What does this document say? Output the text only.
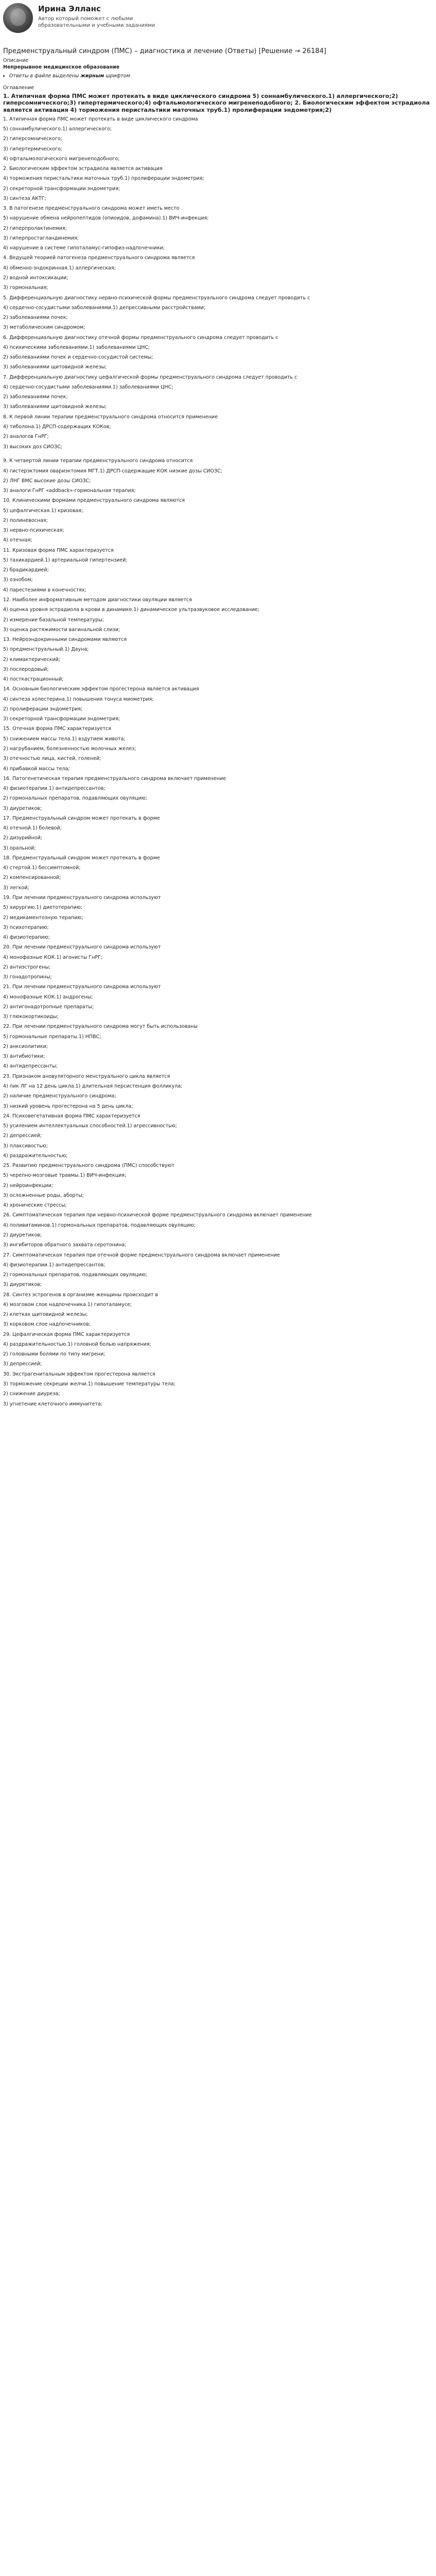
Ирина Элланс
Автор который поможет с любыми образовательными и учебными заданиями
Предменструальный синдром (ПМС) – диагностика и лечение (Ответы) [Решение → 26184]
Описание
Непрерывное медицинское образование
• Ответы в файле выделены жирным шрифтом
Оглавление
1. Атипичная форма ПМС может протекать в виде циклического синдрома 5) соннамбулического.1) аллергического;2) гиперсомнического;3) гипертермического;4) офтальмологического мигренеподобного; 2. Биологическим эффектом эстрадиола является активация 4) торможения перистальтики маточных труб.1) пролиферации эндометрия;2)
1. Атипичная форма ПМС может протекать в виде циклического синдрома
5) соннамбулического.1) аллергического;
2) гиперсомнического;
3) гипертермического;
4) офтальмологического мигренеподобного;
2. Биологическим эффектом эстрадиола является активация
4) торможения перистальтики маточных труб.1) пролиферации эндометрия;
2) секреторной трансформации эндометрия;
3) синтеза АКТГ;
3. В патогенезе предменструального синдрома может иметь место
5) нарушение обмена нейропептидов (опиоидов, дофамина).1) ВИЧ-инфекция;
2) гиперпролактинемия;
3) гиперпростагландинемия;
4) нарушение в системе гипоталамус-гипофиз-надпочечники;
4. Ведущей теорией патогенеза предменструального синдрома является
4) обменно-эндокринная.1) аллергическая;
2) водной интоксикации;
3) гормональная;
5. Дифференциальную диагностику нервно-психической формы предменструального синдрома следует проводить с
4) сердечно-сосудистыми заболеваниями.1) депрессивными расстройствами;
2) заболеваниями почек;
3) метаболическим синдромом;
6. Дифференциальную диагностику отечной формы предменструального синдрома следует проводить с
4) психическими заболеваниями.1) заболеваниями ЦНС;
2) заболеваниями почек и сердечно-сосудистой системы;
3) заболеваниями щитовидной железы;
7. Дифференциальную диагностику цефалгической формы предменструального синдрома следует проводить с
4) сердечно-сосудистыми заболеваниями.1) заболеваниями ЦНС;
2) заболеваниями почек;
3) заболеваниями щитовидной железы;
8. К первой линии терапии предменструального синдрома относится применение
4) тиболона.1) ДРСП-содержащих КОКов;
2) аналогов ГнРГ;
3) высоких доз СИОЗС;
9. К четвертой линии терапии предменструального синдрома относится
4) гистерэктомия овариэктомия МГТ.1) ДРСП-содержащие КОК низкие дозы СИОЗС;
2) ЛНГ ВМС высокие дозы СИОЗС;
3) аналоги ГнРГ «addback»-гормональная терапия;
10. Клиническими формами предменструального синдрома являются
5) цефалгическая.1) кризовая;
2) полиневосная;
3) нервно-психическая;
4) отечная;
11. Кризовая форма ПМС характеризуется
5) тахикардией.1) артериальной гипертензией;
2) брадикардией;
3) ознобом;
4) парестезиями в конечностях;
12. Наиболее информативным методом диагностики овуляции является
4) оценка уровня эстрадиола в крови в динамике.1) динамическое ультразвуковое исследование;
2) измерение базальной температуры;
3) оценка растяжимости вагинальной слизи;
13. Нейроэндокринными синдромами являются
5) предменструальный.1) Дауна;
2) климактерический;
3) послеродовый;
4) посткастрационный;
14. Основным биологическим эффектом прогестерона является активация
4) синтеза холестерина.1) повышения тонуса миометрия;
2) пролиферации эндометрия;
3) секреторной трансформации эндометрия;
15. Отечная форма ПМС характеризуется
5) снижением массы тела.1) вздутием живота;
2) нагрубанием, болезненностью молочных желез;
3) отечностью лица, кистей, голеней;
4) прибавкой массы тела;
16. Патогенетическая терапия предменструального синдрома включает применение
4) физиотерапии.1) антидепрессантов;
2) гормональных препаратов, подавляющих овуляцию;
3) диуретиков;
17. Предменструальный синдром может протекать в форме
4) отечной.1) болевой;
2) дизурийной;
3) оральной;
18. Предменструальный синдром может протекать в форме
4) стертой.1) бессимптомной;
2) компенсированной;
3) легкой;
19. При лечении предменструального синдрома используют
5) хирургию.1) диетотерапию;
2) медикаментозную терапию;
3) психотерапию;
4) физиотерапию;
20. При лечении предменструального синдрома используют
4) монофазные КОК.1) агонисты ГнРГ;
2) антиэстрогены;
3) гонадотропины;
21. При лечении предменструального синдрома используют
4) монофазные КОК.1) андрогены;
2) антигонадотропные препараты;
3) глюкокортикоиды;
22. При лечении предменструального синдрома могут быть использованы
5) гормональные препараты.1) НПВС;
2) анксиолитики;
3) антибиотики;
4) антидепрессанты;
23. Признаком ановуляторного менструального цикла является
4) пик ЛГ на 12 день цикла.1) длительная персистенция фолликула;
2) наличие предменструального синдрома;
3) низкий уровень прогестерона на 5 день цикла;
24. Психовегетативная форма ПМС характеризуется
5) усилением интеллектуальных способностей.1) агрессивностью;
2) депрессией;
3) плаксивостью;
4) раздражительностью;
25. Развитию предменструального синдрома (ПМС) способствуют
5) черепно-мозговые травмы.1) ВИЧ-инфекция;
2) нейроинфекции;
3) осложненные роды, аборты;
4) хронические стрессы;
26. Симптоматическая терапия при нервно-психической форме предменструального синдрома включает применение
4) поливитаминов.1) гормональных препаратов, подавляющих овуляцию;
2) диуретиков;
3) ингибиторов обратного захвата серотонина;
27. Симптоматическая терапия при отечной форме предменструального синдрома включает применение
4) физиотерапии.1) антидепрессантов;
2) гормональных препаратов, подавляющих овуляцию;
3) диуретиков;
28. Синтез эстрогенов в организме женщины происходит в
4) мозговом слое надпочечника.1) гипоталамусе;
2) клетках щитовидной железы;
3) корковом слое надпочечников;
29. Цефалгическая форма ПМС характеризуется
4) раздражительностью.1) головной болью напряжения;
2) головными болями по типу мигрени;
3) депрессией;
30. Экстрагенитальным эффектом прогестерона является
3) торможение секреции желчи.1) повышение температуры тела;
2) снижение диуреза;
3) угнетение клеточного иммунитета;
